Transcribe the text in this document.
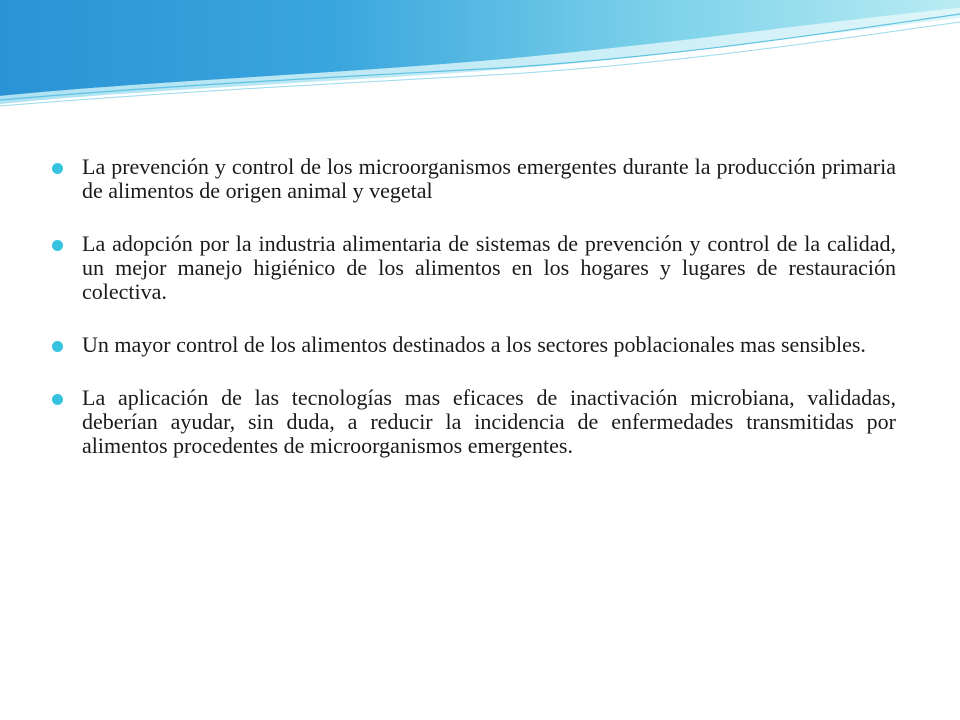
La prevención y control de los microorganismos emergentes durante la producción primaria de alimentos de origen animal y vegetal
La adopción por la industria alimentaria de sistemas de prevención y control de la calidad, un mejor manejo higiénico de los alimentos en los hogares y lugares de restauración colectiva.
Un mayor control de los alimentos destinados a los sectores poblacionales mas sensibles.
La aplicación de las tecnologías mas eficaces de inactivación microbiana, validadas, deberían ayudar, sin duda, a reducir la incidencia de enfermedades transmitidas por alimentos procedentes de microorganismos emergentes.
